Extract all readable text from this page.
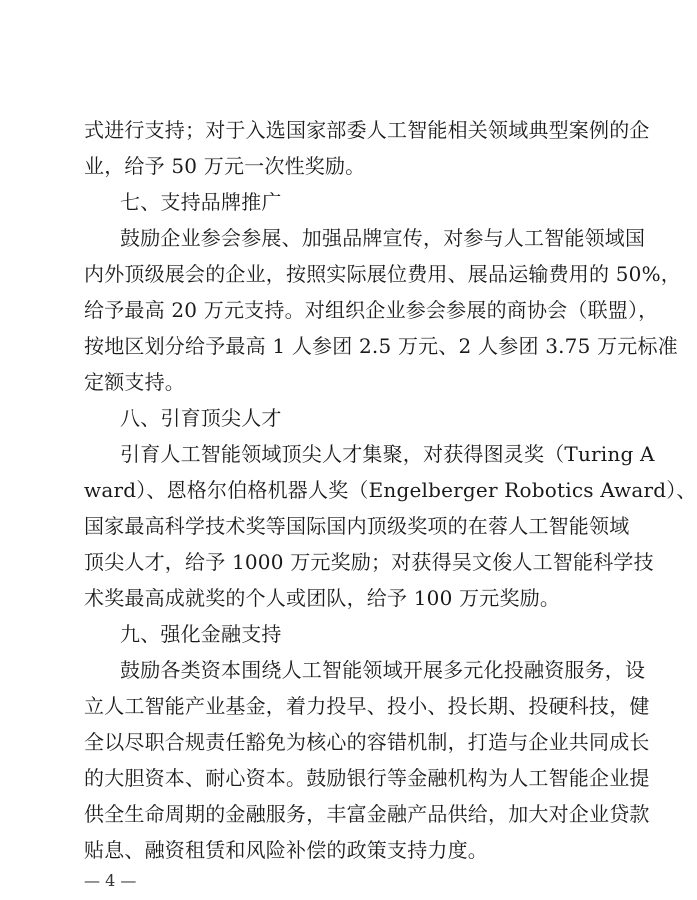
式进行支持；对于入选国家部委人工智能相关领域典型案例的企
业，给予 50 万元一次性奖励。
七、支持品牌推广
鼓励企业参会参展、加强品牌宣传，对参与人工智能领域国
内外顶级展会的企业，按照实际展位费用、展品运输费用的 50%，
给予最高 20 万元支持。对组织企业参会参展的商协会（联盟），
按地区划分给予最高 1 人参团 2.5 万元、2 人参团 3.75 万元标准
定额支持。
八、引育顶尖人才
引育人工智能领域顶尖人才集聚，对获得图灵奖（Turing A
ward）、恩格尔伯格机器人奖（Engelberger Robotics Award）、
国家最高科学技术奖等国际国内顶级奖项的在蓉人工智能领域
顶尖人才，给予 1000 万元奖励；对获得吴文俊人工智能科学技
术奖最高成就奖的个人或团队，给予 100 万元奖励。
九、强化金融支持
鼓励各类资本围绕人工智能领域开展多元化投融资服务，设
立人工智能产业基金，着力投早、投小、投长期、投硬科技，健
全以尽职合规责任豁免为核心的容错机制，打造与企业共同成长
的大胆资本、耐心资本。鼓励银行等金融机构为人工智能企业提
供全生命周期的金融服务，丰富金融产品供给，加大对企业贷款
贴息、融资租赁和风险补偿的政策支持力度。
— 4 —
